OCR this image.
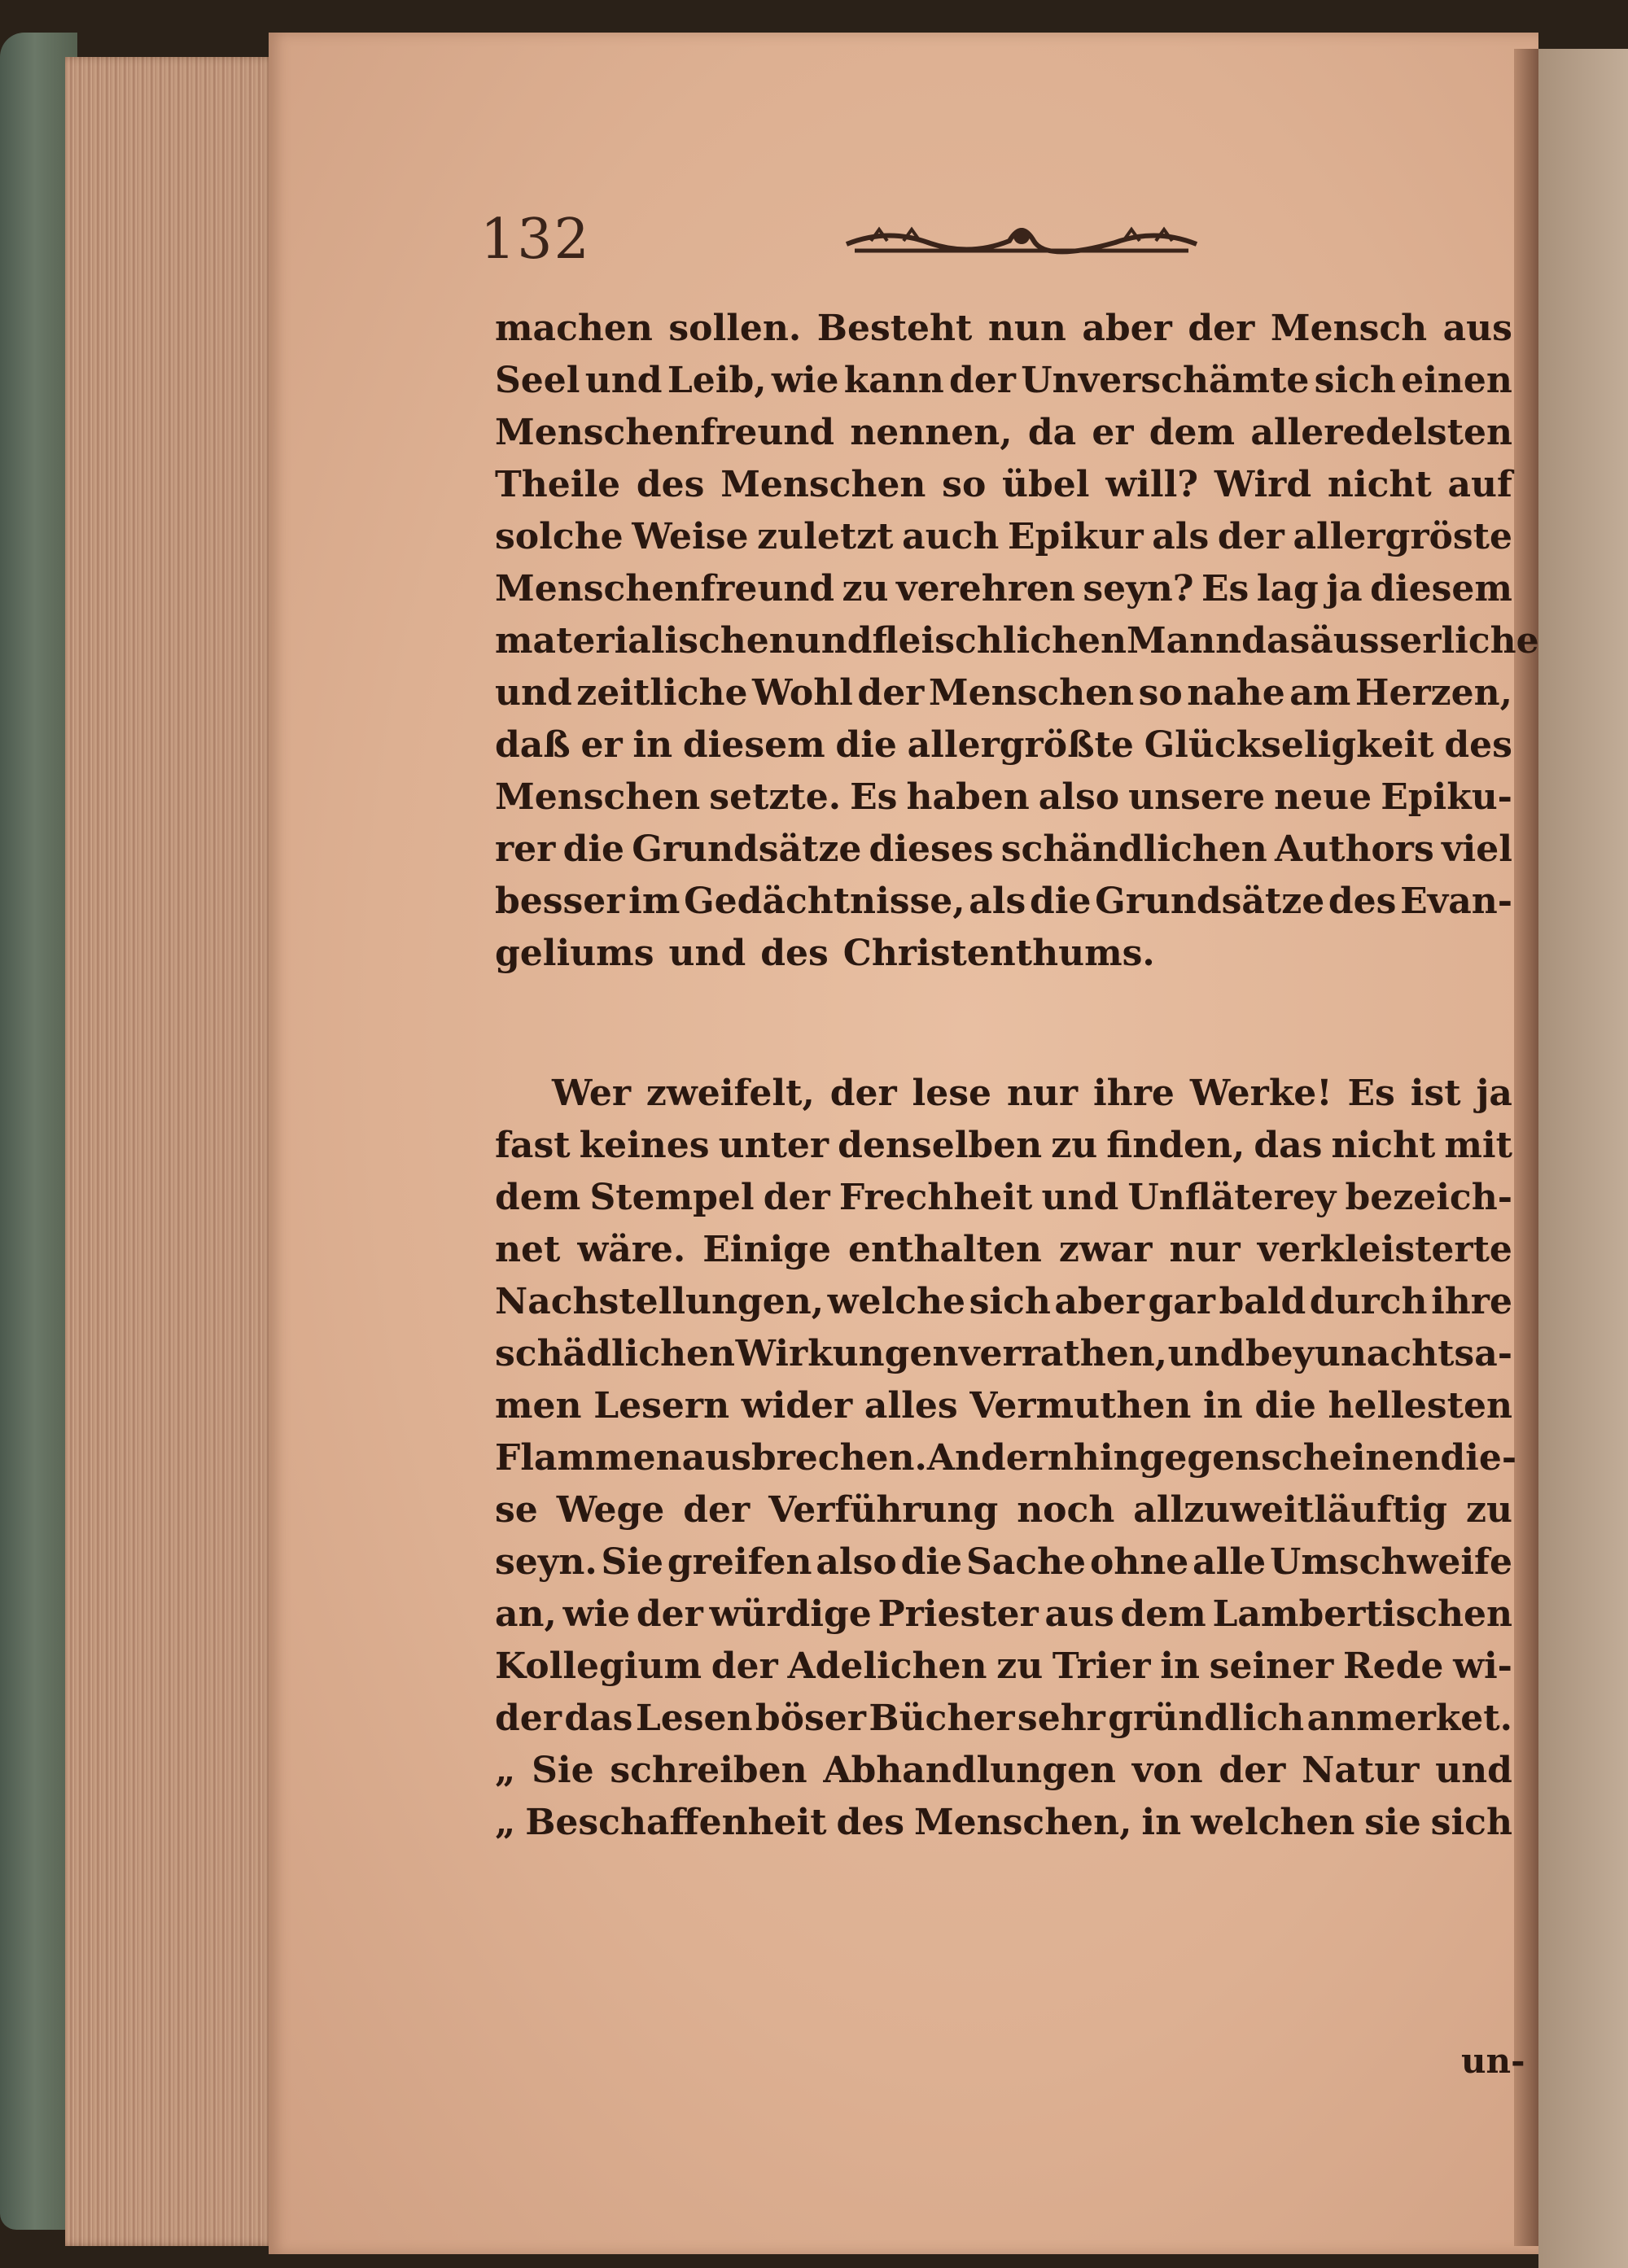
132
machen sollen. Besteht nun aber der Mensch aus
Seel und Leib, wie kann der Unverschämte sich einen
Menschenfreund nennen, da er dem alleredelsten
Theile des Menschen so übel will? Wird nicht auf
solche Weise zuletzt auch Epikur als der allergröste
Menschenfreund zu verehren seyn? Es lag ja diesem
materialischen und fleischlichen Mann das äusserliche
und zeitliche Wohl der Menschen so nahe am Herzen,
daß er in diesem die allergrößte Glückseligkeit des
Menschen setzte. Es haben also unsere neue Epiku-
rer die Grundsätze dieses schändlichen Authors viel
besser im Gedächtnisse, als die Grundsätze des Evan-
geliums und des Christenthums.
Wer zweifelt, der lese nur ihre Werke! Es ist ja
fast keines unter denselben zu finden, das nicht mit
dem Stempel der Frechheit und Unfläterey bezeich-
net wäre. Einige enthalten zwar nur verkleisterte
Nachstellungen, welche sich aber gar bald durch ihre
schädlichen Wirkungen verrathen, und bey unachtsa-
men Lesern wider alles Vermuthen in die hellesten
Flammen ausbrechen. Andern hingegen scheinen die-
se Wege der Verführung noch allzuweitläuftig zu
seyn. Sie greifen also die Sache ohne alle Umschweife
an, wie der würdige Priester aus dem Lambertischen
Kollegium der Adelichen zu Trier in seiner Rede wi-
der das Lesen böser Bücher sehr gründlich anmerket.
„ Sie schreiben Abhandlungen von der Natur und
„ Beschaffenheit des Menschen, in welchen sie sich
un-
